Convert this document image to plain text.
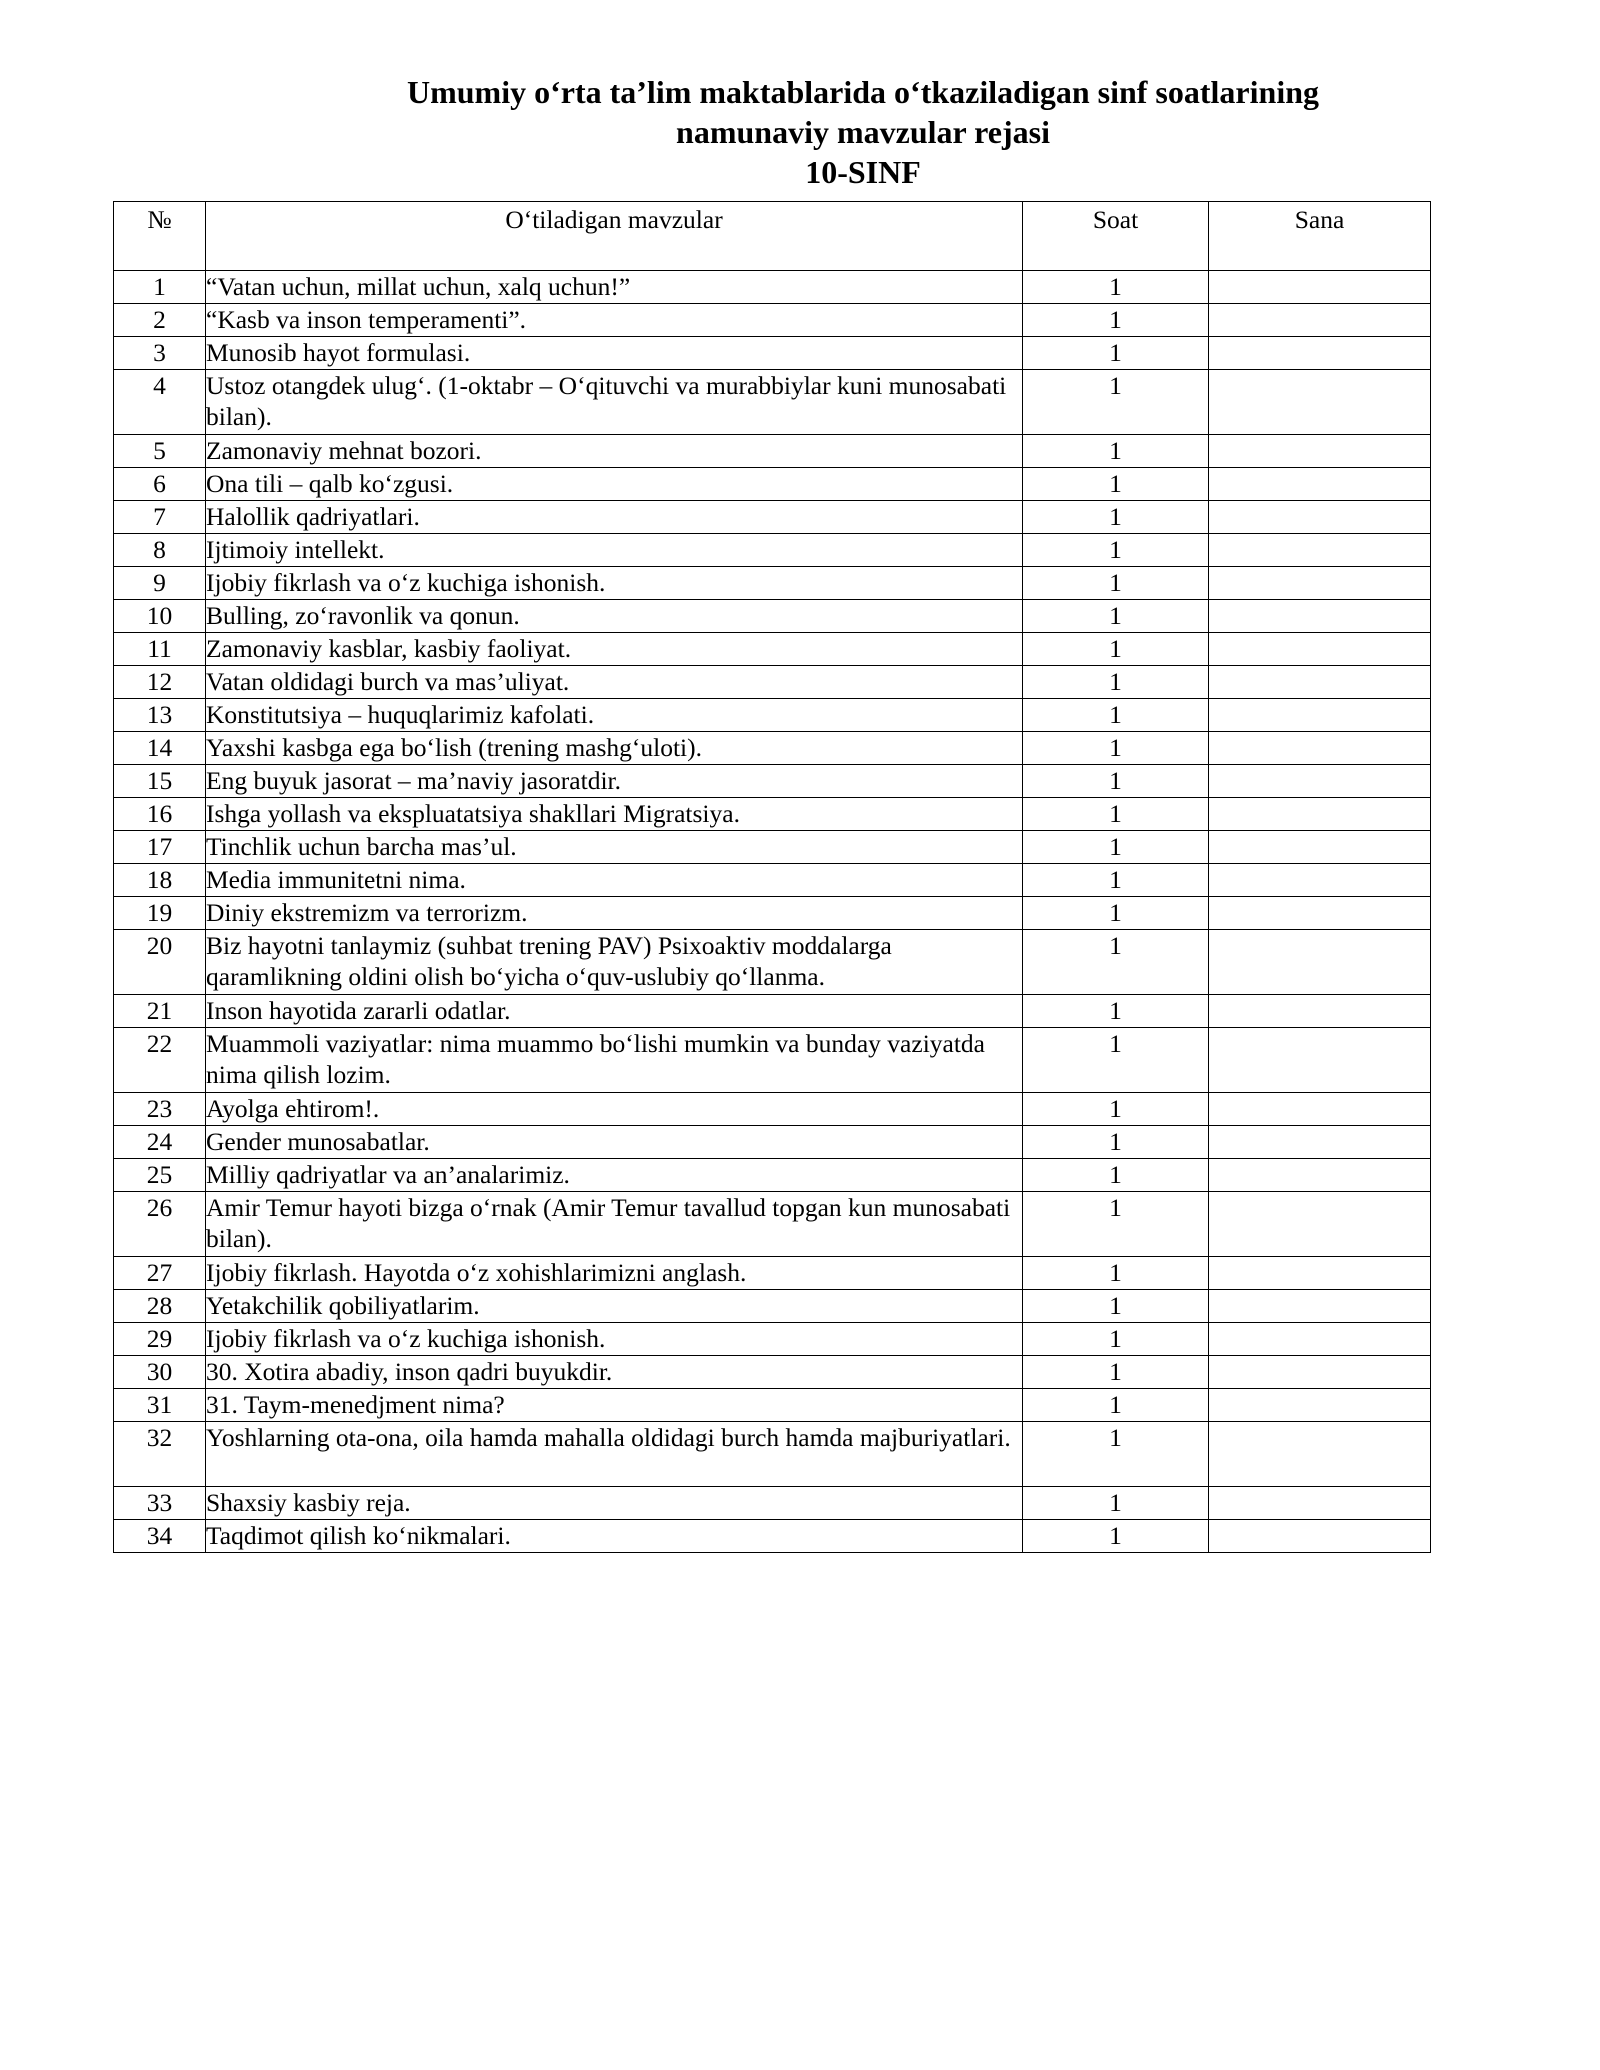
Umumiy o‘rta ta’lim maktablarida o‘tkaziladigan sinf soatlarining
namunaviy mavzular rejasi
10-SINF
№	O‘tiladigan mavzular	Soat	Sana
1	“Vatan uchun, millat uchun, xalq uchun!”	1	
2	“Kasb va inson temperamenti”.	1	
3	Munosib hayot formulasi.	1	
4	Ustoz otangdek ulug‘. (1-oktabr – O‘qituvchi va murabbiylar kuni munosabati bilan).	1	
5	Zamonaviy mehnat bozori.	1	
6	Ona tili – qalb ko‘zgusi.	1	
7	Halollik qadriyatlari.	1	
8	Ijtimoiy intellekt.	1	
9	Ijobiy fikrlash va o‘z kuchiga ishonish.	1	
10	Bulling, zo‘ravonlik va qonun.	1	
11	Zamonaviy kasblar, kasbiy faoliyat.	1	
12	Vatan oldidagi burch va mas’uliyat.	1	
13	Konstitutsiya – huquqlarimiz kafolati.	1	
14	Yaxshi kasbga ega bo‘lish (trening mashg‘uloti).	1	
15	Eng buyuk jasorat – ma’naviy jasoratdir.	1	
16	Ishga yollash va ekspluatatsiya shakllari Migratsiya.	1	
17	Tinchlik uchun barcha mas’ul.	1	
18	Media immunitetni nima.	1	
19	Diniy ekstremizm va terrorizm.	1	
20	Biz hayotni tanlaymiz (suhbat trening PAV) Psixoaktiv moddalarga qaramlikning oldini olish bo‘yicha o‘quv-uslubiy qo‘llanma.	1	
21	Inson hayotida zararli odatlar.	1	
22	Muammoli vaziyatlar: nima muammo bo‘lishi mumkin va bunday vaziyatda nima qilish lozim.	1	
23	Ayolga ehtirom!.	1	
24	Gender munosabatlar.	1	
25	Milliy qadriyatlar va an’analarimiz.	1	
26	Amir Temur hayoti bizga o‘rnak (Amir Temur tavallud topgan kun munosabati bilan).	1	
27	Ijobiy fikrlash. Hayotda o‘z xohishlarimizni anglash.	1	
28	Yetakchilik qobiliyatlarim.	1	
29	Ijobiy fikrlash va o‘z kuchiga ishonish.	1	
30	30. Xotira abadiy, inson qadri buyukdir.	1	
31	31. Taym-menedjment nima?	1	
32	Yoshlarning ota-ona, oila hamda mahalla oldidagi burch hamda majburiyatlari.	1	
33	Shaxsiy kasbiy reja.	1	
34	Taqdimot qilish ko‘nikmalari.	1	
